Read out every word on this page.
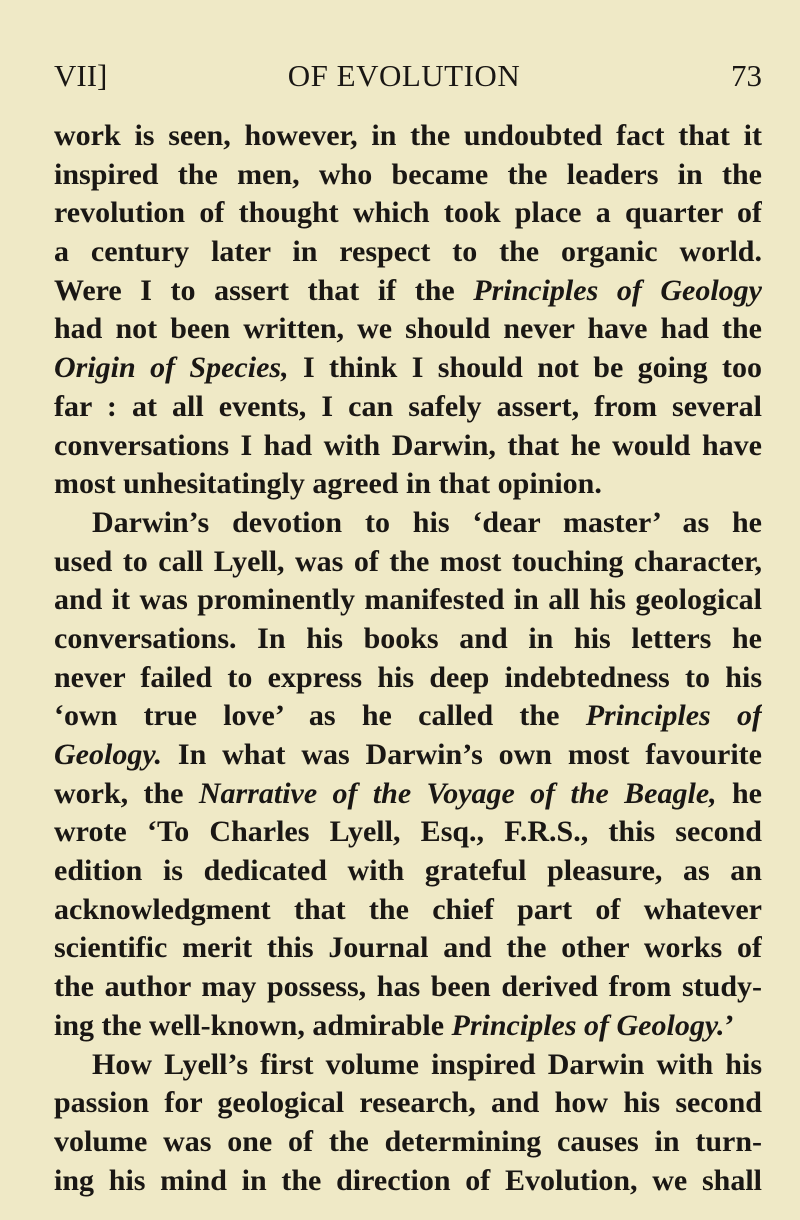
VII]	OF EVOLUTION	73
work is seen, however, in the undoubted fact that it
inspired the men, who became the leaders in the
revolution of thought which took place a quarter of
a century later in respect to the organic world.
Were I to assert that if the Principles of Geology
had not been written, we should never have had the
Origin of Species, I think I should not be going too
far : at all events, I can safely assert, from several
conversations I had with Darwin, that he would have
most unhesitatingly agreed in that opinion.
Darwin’s devotion to his ‘dear master’ as he
used to call Lyell, was of the most touching character,
and it was prominently manifested in all his geological
conversations. In his books and in his letters he
never failed to express his deep indebtedness to his
‘own true love’ as he called the Principles of
Geology. In what was Darwin’s own most favourite
work, the Narrative of the Voyage of the Beagle, he
wrote ‘To Charles Lyell, Esq., F.R.S., this second
edition is dedicated with grateful pleasure, as an
acknowledgment that the chief part of whatever
scientific merit this Journal and the other works of
the author may possess, has been derived from study-
ing the well-known, admirable Principles of Geology.’
How Lyell’s first volume inspired Darwin with his
passion for geological research, and how his second
volume was one of the determining causes in turn-
ing his mind in the direction of Evolution, we shall
